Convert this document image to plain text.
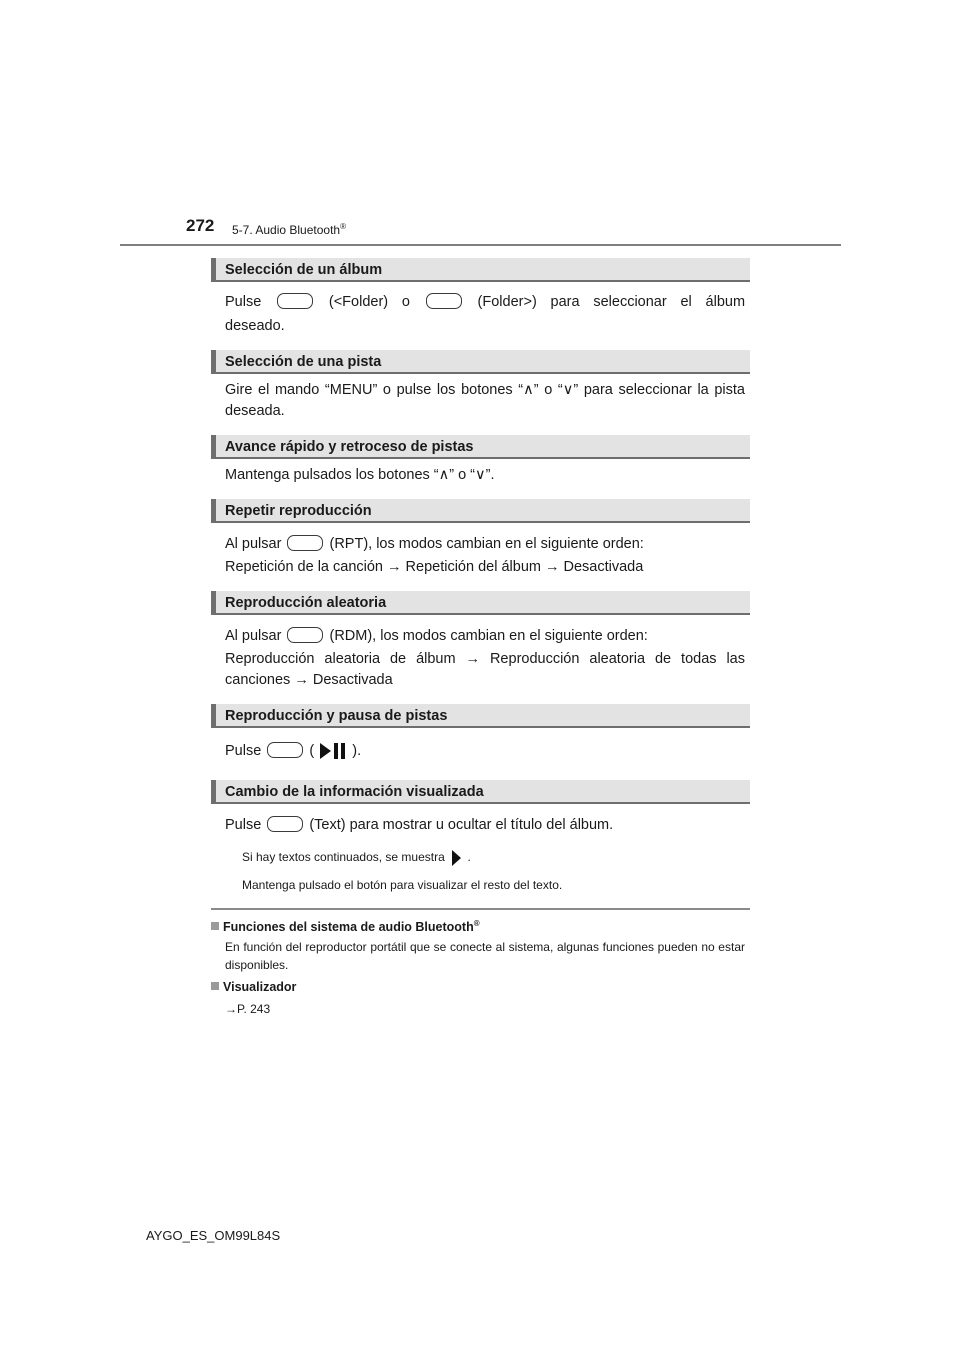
272 5-7. Audio Bluetooth®
Selección de un álbum
Pulse	(<Folder) o	(Folder>) para seleccionar el álbum
deseado.
Selección de una pista
Gire el mando “MENU” o pulse los botones “∧” o “∨” para seleccionar la pista
deseada.
Avance rápido y retroceso de pistas
Mantenga pulsados los botones “∧” o “∨”.
Repetir reproducción
Al pulsar	(RPT), los modos cambian en el siguiente orden:
Repetición de la canción → Repetición del álbum → Desactivada
Reproducción aleatoria
Al pulsar	(RDM), los modos cambian en el siguiente orden:
Reproducción aleatoria de álbum → Reproducción aleatoria de todas las
canciones → Desactivada
Reproducción y pausa de pistas
Pulse	(	).
Cambio de la información visualizada
Pulse	(Text) para mostrar u ocultar el título del álbum.
Si hay textos continuados, se muestra .
Mantenga pulsado el botón para visualizar el resto del texto.
Funciones del sistema de audio Bluetooth®
En función del reproductor portátil que se conecte al sistema, algunas funciones pueden no estar disponibles.
Visualizador
→P. 243
AYGO_ES_OM99L84S
